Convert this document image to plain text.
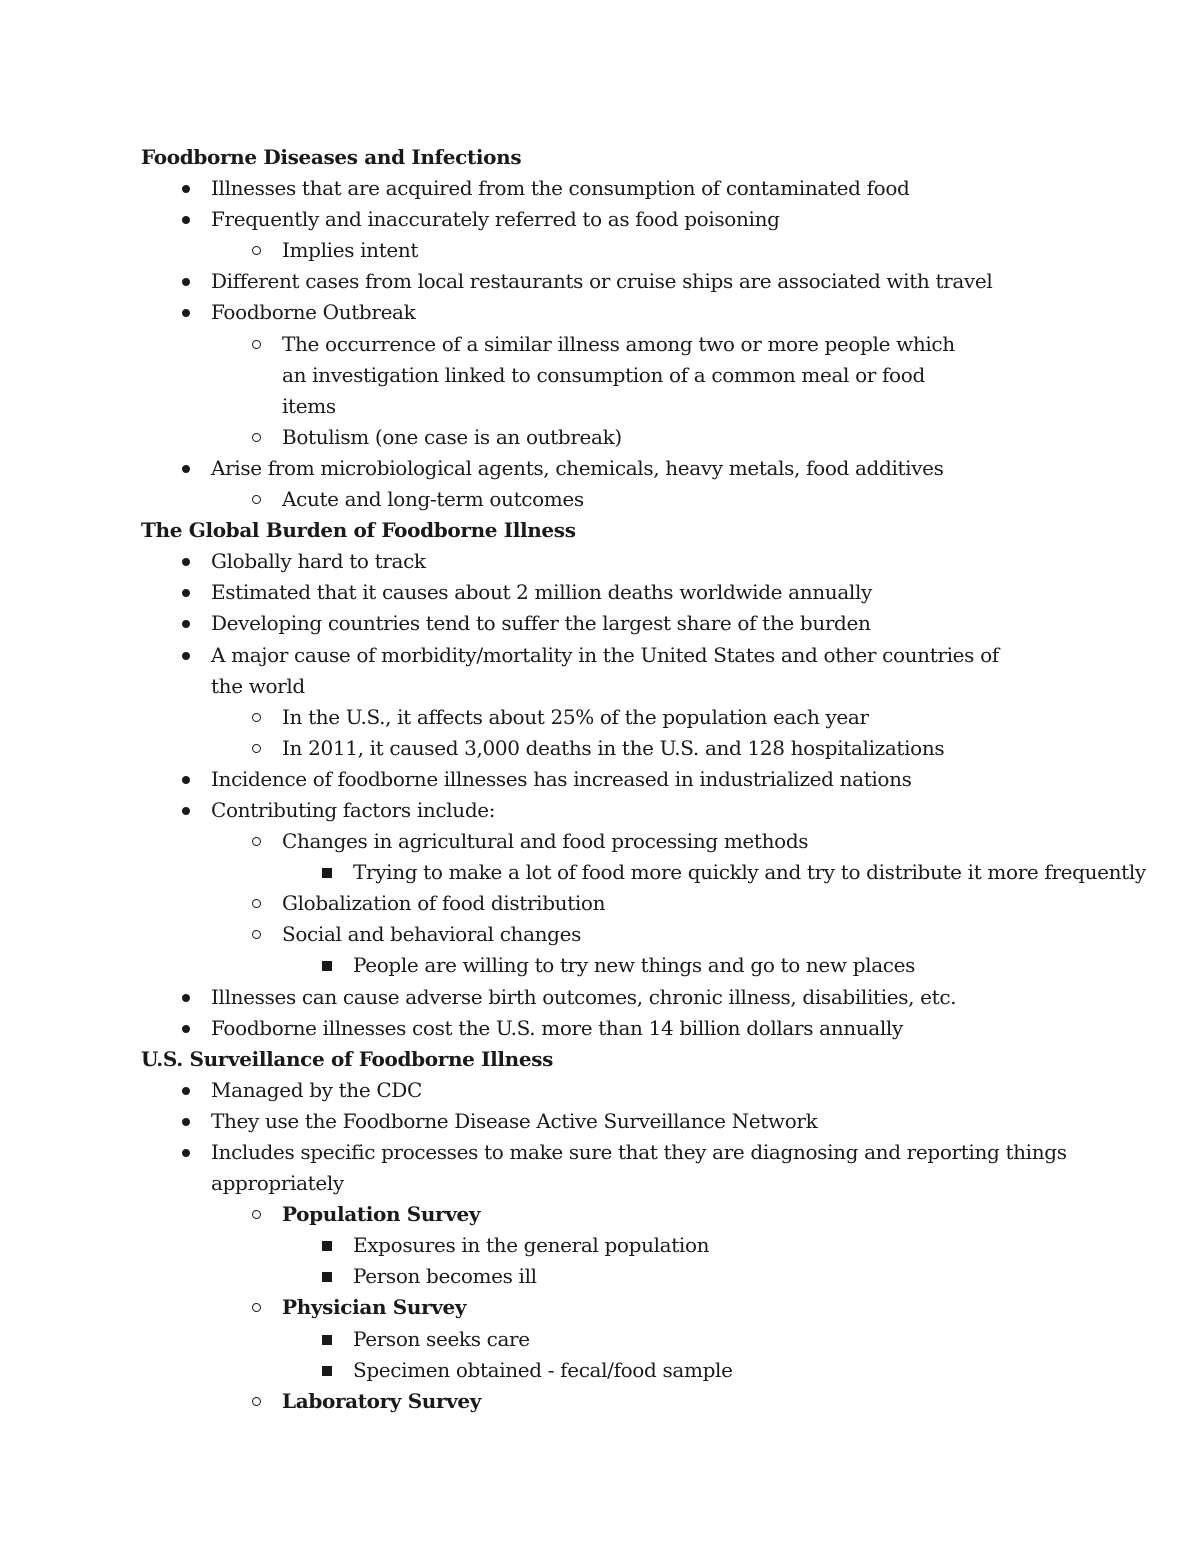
Foodborne Diseases and Infections
Illnesses that are acquired from the consumption of contaminated food
Frequently and inaccurately referred to as food poisoning
Implies intent
Different cases from local restaurants or cruise ships are associated with travel
Foodborne Outbreak
The occurrence of a similar illness among two or more people which an investigation linked to consumption of a common meal or food items
Botulism (one case is an outbreak)
Arise from microbiological agents, chemicals, heavy metals, food additives
Acute and long-term outcomes
The Global Burden of Foodborne Illness
Globally hard to track
Estimated that it causes about 2 million deaths worldwide annually
Developing countries tend to suffer the largest share of the burden
A major cause of morbidity/mortality in the United States and other countries of the world
In the U.S., it affects about 25% of the population each year
In 2011, it caused 3,000 deaths in the U.S. and 128 hospitalizations
Incidence of foodborne illnesses has increased in industrialized nations
Contributing factors include:
Changes in agricultural and food processing methods
Trying to make a lot of food more quickly and try to distribute it more frequently
Globalization of food distribution
Social and behavioral changes
People are willing to try new things and go to new places
Illnesses can cause adverse birth outcomes, chronic illness, disabilities, etc.
Foodborne illnesses cost the U.S. more than 14 billion dollars annually
U.S. Surveillance of Foodborne Illness
Managed by the CDC
They use the Foodborne Disease Active Surveillance Network
Includes specific processes to make sure that they are diagnosing and reporting things appropriately
Population Survey
Exposures in the general population
Person becomes ill
Physician Survey
Person seeks care
Specimen obtained - fecal/food sample
Laboratory Survey
